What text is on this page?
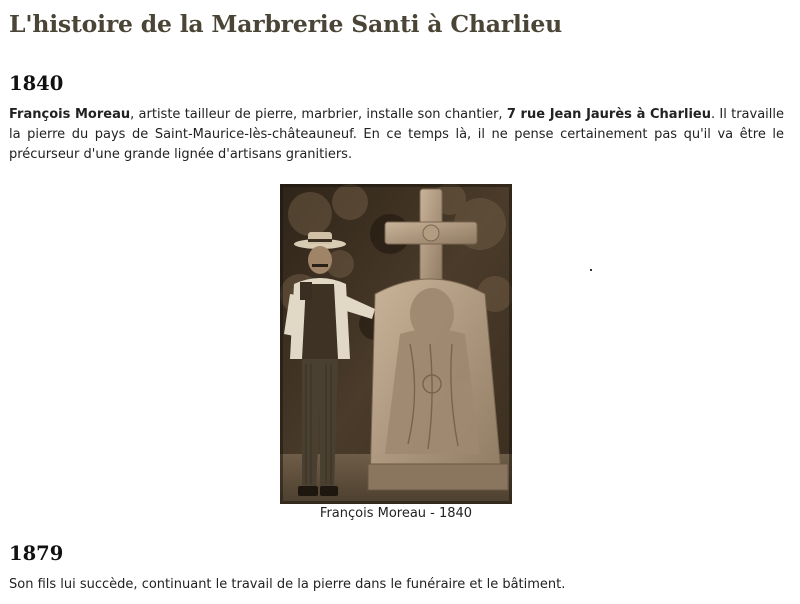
L'histoire de la Marbrerie Santi à Charlieu
1840

François Moreau, artiste tailleur de pierre, marbrier, installe son chantier, 7 rue Jean Jaurès à Charlieu. Il travaille la pierre du pays de Saint-Maurice-lès-châteauneuf. En ce temps là, il ne pense certainement pas qu'il va être le précurseur d'une grande lignée d'artisans granitiers.

François Moreau - 1840
1879

Son fils lui succède, continuant le travail de la pierre dans le funéraire et le bâtiment.
